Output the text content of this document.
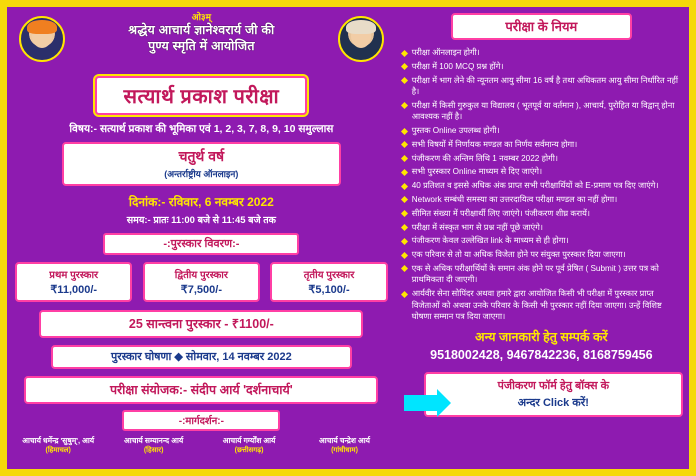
ओ३म्
श्रद्धेय आचार्य ज्ञानेश्वरार्य जी की
पुण्य स्मृति में आयोजित
सत्यार्थ प्रकाश परीक्षा
विषय:- सत्यार्थ प्रकाश की भूमिका एवं 1, 2, 3, 7, 8, 9, 10 समुल्लास
चतुर्थ वर्ष
(अन्तर्राष्ट्रीय ऑनलाइन)
दिनांक:- रविवार, 6 नवम्बर 2022
समय:- प्रातः 11:00 बजे से 11:45 बजे तक
-:पुरस्कार विवरण:-
प्रथम पुरस्कार
₹11,000/-
द्वितीय पुरस्कार
₹7,500/-
तृतीय पुरस्कार
₹5,100/-
25 सान्त्वना पुरस्कार - ₹1100/-
पुरस्कार घोषणा ◆ सोमवार, 14 नवम्बर 2022
परीक्षा संयोजक:- संदीप आर्य 'दर्शनाचार्य'
-:मार्गदर्शन:-
आचार्य धर्मेन्द्र 'सुषुम्', आर्य
(हिमाचल)
आचार्य सम्यानन्द आर्य
(हिसार)
आचार्य गर्ग्योंश आर्य
(छत्तीसगढ़)
आचार्य चन्द्रेश आर्य
(गांधीधाम)
परीक्षा के नियम
परीक्षा ऑनलाइन होगी।
परीक्षा में 100 MCQ प्रश्न होंगे।
परीक्षा में भाग लेने की न्यूनतम आयु सीमा 16 वर्ष है तथा अधिकतम आयु सीमा निर्धारित नहीं है।
परीक्षा में किसी गुरुकुल या विद्यालय ( भूतपूर्व या वर्तमान ), आचार्य, पुरोहित या विद्वान् होना आवश्यक नहीं है।
पुस्तक Online उपलब्ध होगी।
सभी विषयों में निर्णायक मण्डल का निर्णय सर्वमान्य होगा।
पंजीकरण की अन्तिम तिथि 1 नवम्बर 2022 होगी।
सभी पुरस्कार Online माध्यम से दिए जाएंगे।
40 प्रतिशत व इससे अधिक अंक प्राप्त सभी परीक्षार्थियों को E-प्रमाण पत्र दिए जाएंगे।
Network सम्बंधी समस्या का उत्तरदायित्व परीक्षा मण्डल का नहीं होगा।
सीमित संख्या में परीक्षार्थी लिए जाएंगे। पंजीकरण शीघ्र करायें।
परीक्षा में संस्कृत भाग से प्रश्न नहीं पूछे जाएंगे।
पंजीकरण केवल उल्लेखित link के माध्यम से ही होगा।
एक परिवार से तो या अधिक विजेता होने पर संयुक्त पुरस्कार दिया जाएगा।
एक से अधिक परीक्षार्थियों के समान अंक होने पर पूर्व प्रेषित ( Submit ) उत्तर पत्र को प्राथमिकता दी जाएगी।
आर्यवीर सेना सोपिंदर अथवा हमारे द्वारा आयोजित किसी भी परीक्षा में पुरस्कार प्राप्त विजेताओं को अथवा उनके परिवार के किसी भी पुरस्कार नहीं दिया जाएगा। उन्हें विशिष्ट घोषणा सम्मान पत्र दिया जाएगा।
अन्य जानकारी हेतु सम्पर्क करें
9518002428, 9467842236, 8168759456
पंजीकरण फॉर्म हेतु बॉक्स के
अन्दर Click करें!
